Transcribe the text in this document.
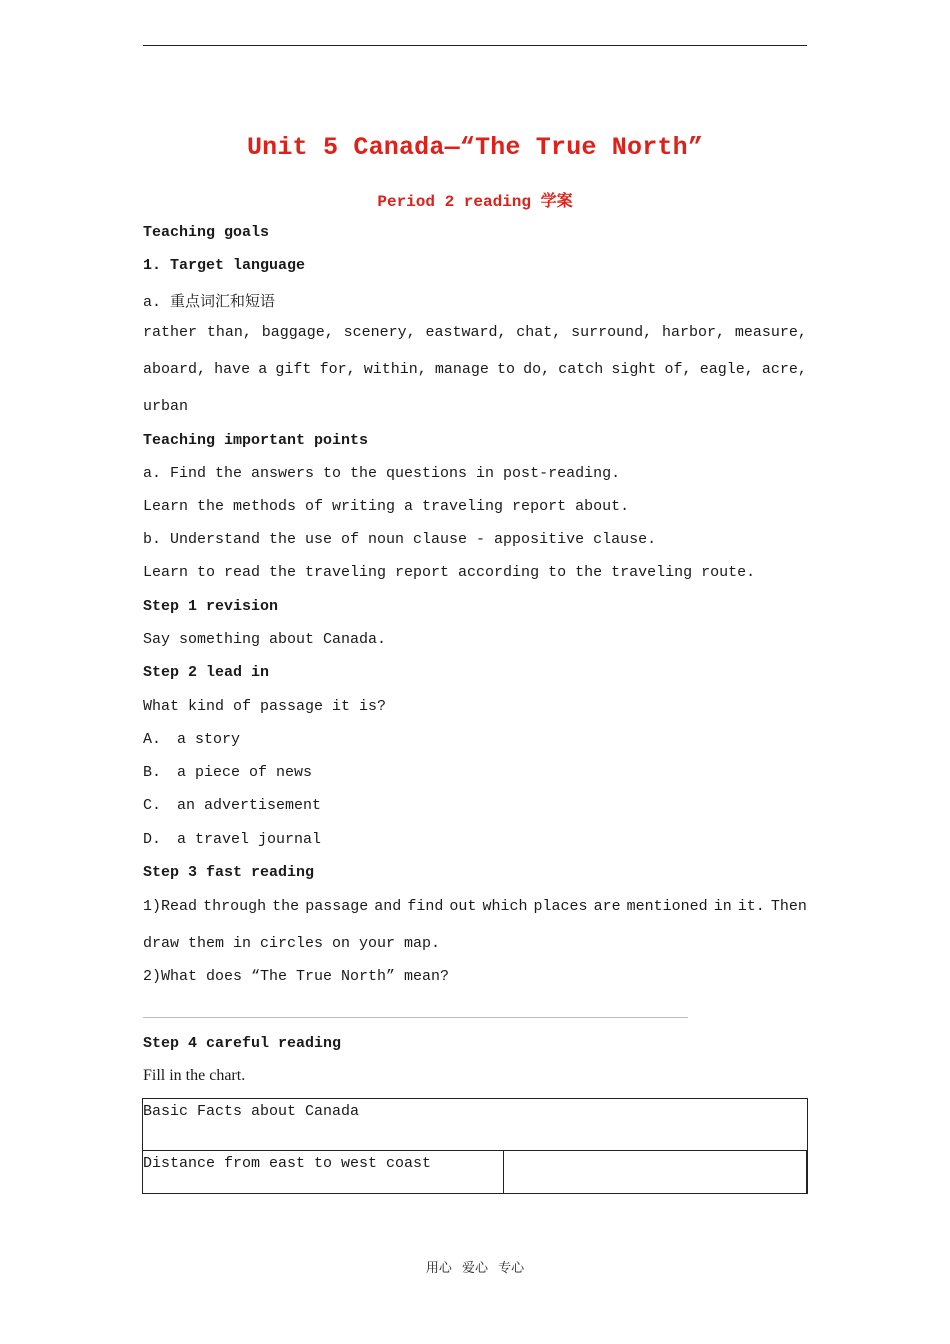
Unit 5 Canada—“The True North”
Period 2 reading 学案
Teaching goals
1. Target language
a. 重点词汇和短语
rather than, baggage, scenery, eastward, chat, surround, harbor, measure,
aboard, have a gift for, within, manage to do, catch sight of, eagle, acre,
urban
Teaching important points
a. Find the answers to the questions in post-reading.
Learn the methods of writing a traveling report about.
b. Understand the use of noun clause - appositive clause.
Learn to read the traveling report according to the traveling route.
Step 1 revision
Say something about Canada.
Step 2 lead in
What kind of passage it is?
A. a story
B. a piece of news
C. an advertisement
D. a travel journal
Step 3 fast reading
1)Read through the passage and find out which places are mentioned in it. Then
draw them in circles on your map.
2)What does “The True North” mean?
Step 4 careful reading
Fill in the chart.
Basic Facts about Canada
Distance from east to west coast	
用心 爱心 专心
